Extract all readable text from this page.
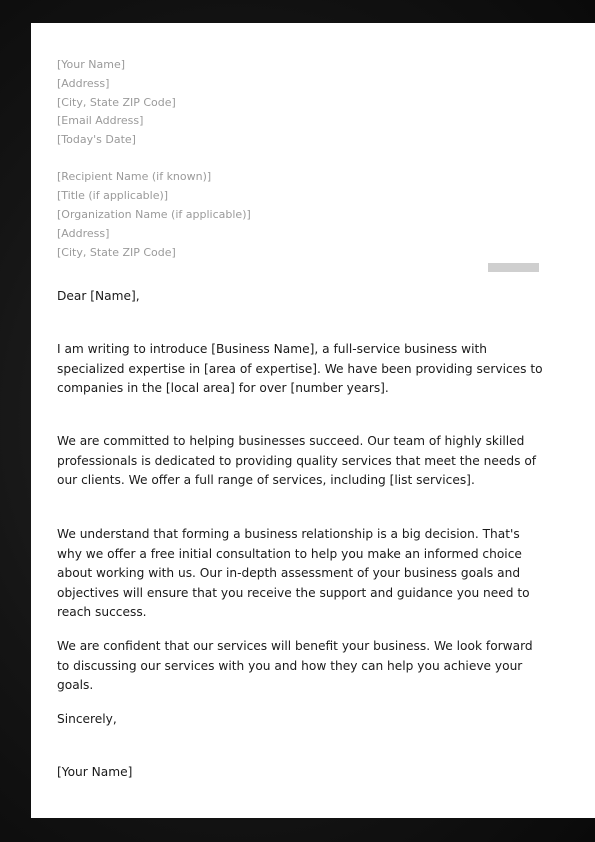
[Your Name]
[Address]
[City, State ZIP Code]
[Email Address]
[Today's Date]
[Recipient Name (if known)]
[Title (if applicable)]
[Organization Name (if applicable)]
[Address]
[City, State ZIP Code]
Dear [Name],

I am writing to introduce [Business Name], a full-service business with specialized expertise in [area of expertise]. We have been providing services to companies in the [local area] for over [number years].

We are committed to helping businesses succeed. Our team of highly skilled professionals is dedicated to providing quality services that meet the needs of our clients. We offer a full range of services, including [list services].

We understand that forming a business relationship is a big decision. That's why we offer a free initial consultation to help you make an informed choice about working with us. Our in-depth assessment of your business goals and objectives will ensure that you receive the support and guidance you need to reach success.

We are confident that our services will benefit your business. We look forward to discussing our services with you and how they can help you achieve your goals.

Sincerely,
[Your Name]
